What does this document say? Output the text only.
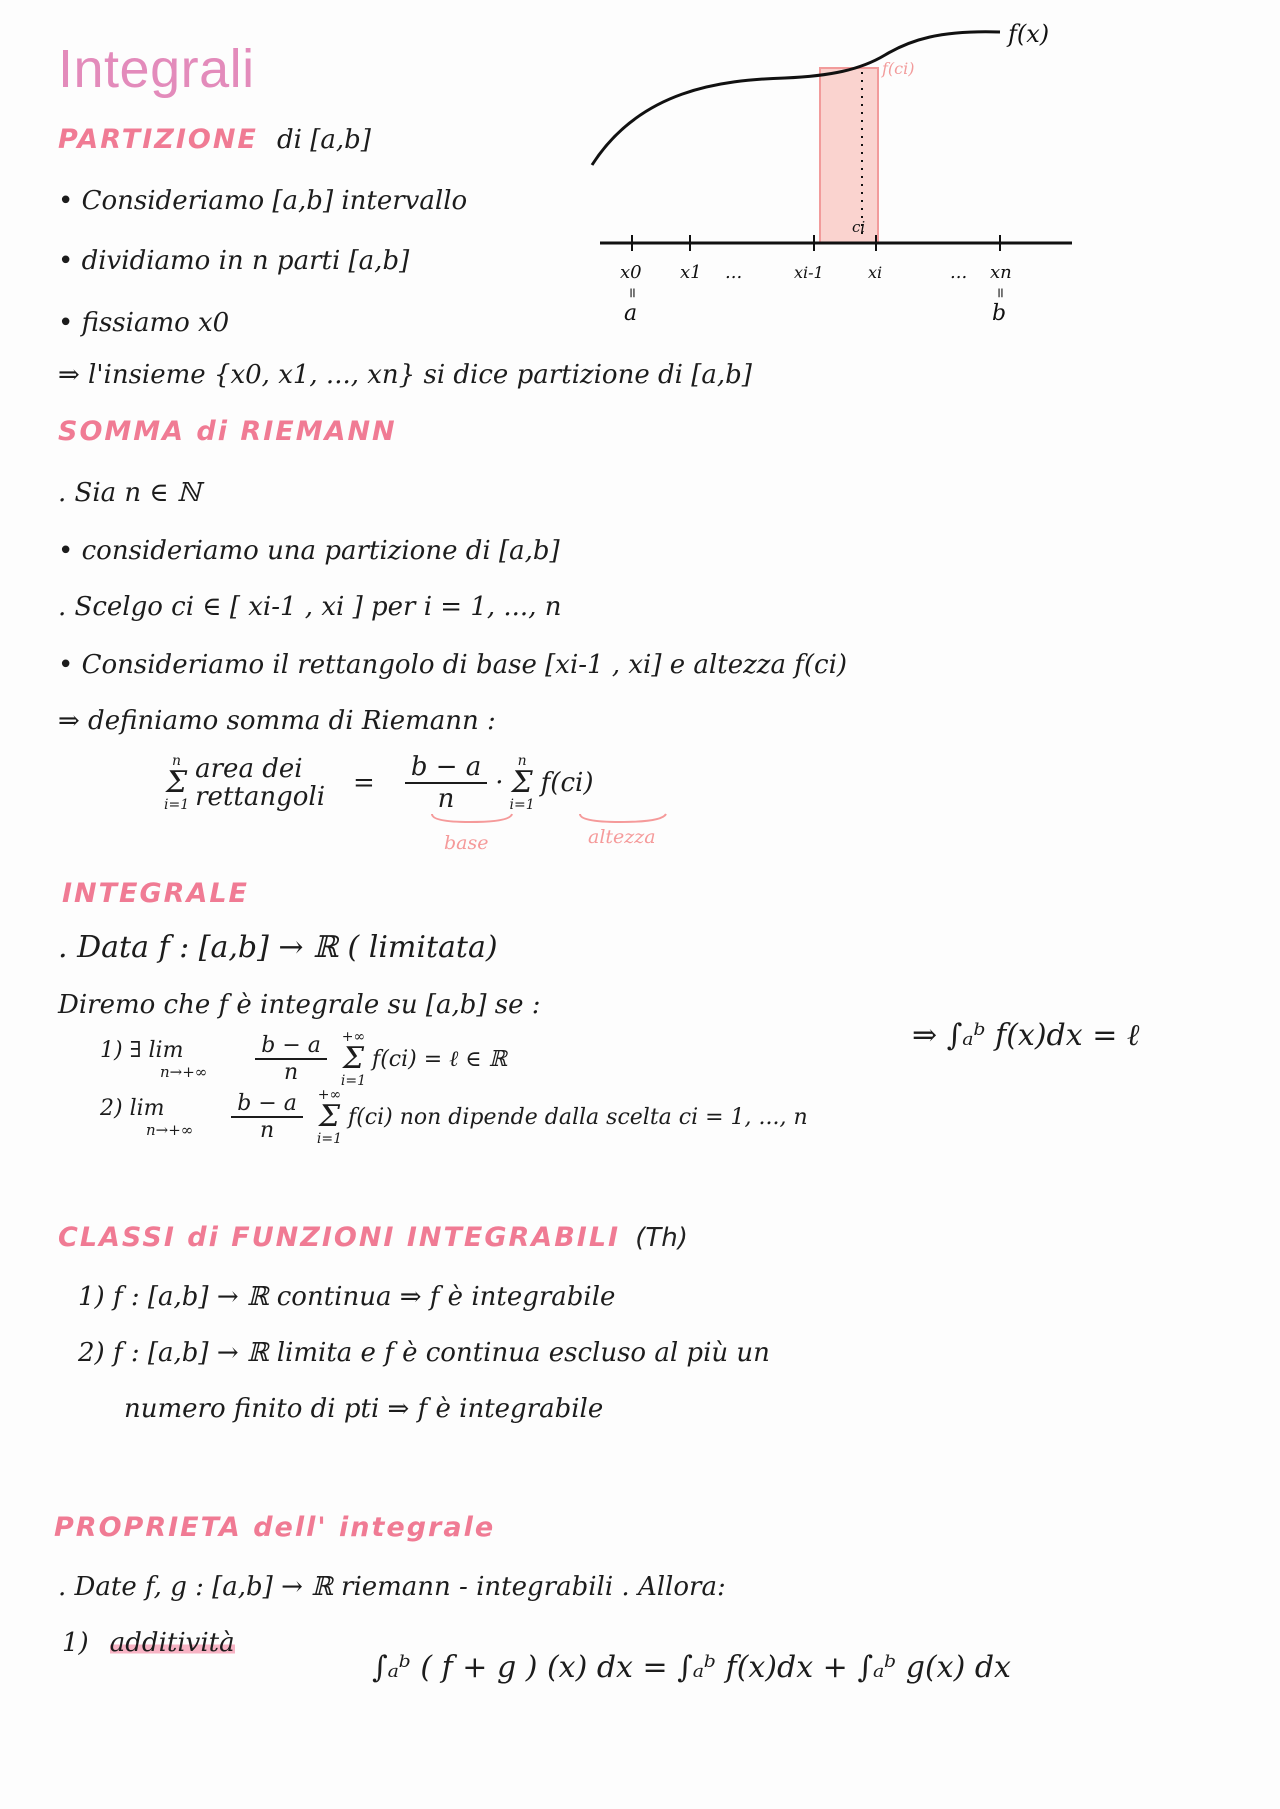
Integrali
f(x)
f(ci)
ci
x0 x1 ...	xi-1	xi	... xn
=	=
a	b
PARTIZIONE di [a,b]
• Consideriamo [a,b] intervallo
• dividiamo in n parti [a,b]
• fissiamo x0
⇒ l'insieme {x0, x1, ..., xn} si dice partizione di [a,b]
SOMMA di RIEMANN
. Sia n ∈ ℕ
• consideriamo una partizione di [a,b]
. Scelgo ci ∈ [ xi-1 , xi ] per i = 1, ..., n
• Consideriamo il rettangolo di base [xi-1 , xi] e altezza f(ci)
⇒ definiamo somma di Riemann :
n
Σ
i=1
area dei
rettangoli = $\frac{b - a}{n}$ ·
n
Σ
i=1
f(ci)
base	altezza
INTEGRALE
. Data f : [a,b] → ℝ ( limitata)
Diremo che f è integrale su [a,b] se :
⇒ ∫ₐᵇ f(x)dx = ℓ
1) ∃ lim
$n\to+\infty \frac{b - a}{n}$ +∞
Σ
i=1
f(ci) = ℓ ∈ ℝ
2) lim
$n\to+\infty \frac{b - a}{n}$ +∞
Σ
i=1
f(ci) non dipende dalla scelta ci = 1, ..., n
CLASSI di FUNZIONI INTEGRABILI (Th)
1) f : [a,b] → ℝ continua ⇒ f è integrabile
2) f : [a,b] → ℝ limita e f è continua escluso al più un
numero finito di pti ⇒ f è integrabile
PROPRIETA dell' integrale
. Date f, g : [a,b] → ℝ riemann - integrabili . Allora:
1) additività
∫ₐᵇ ( f + g ) (x) dx = ∫ₐᵇ f(x)dx + ∫ₐᵇ g(x) dx
